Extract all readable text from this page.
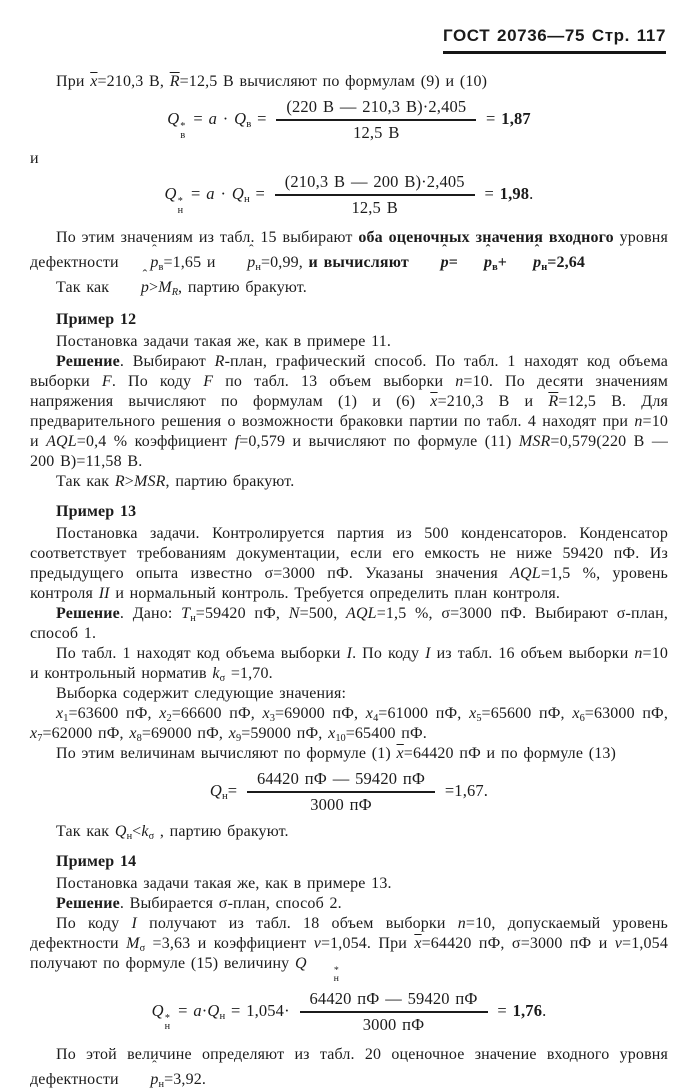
ГОСТ 20736—75 Стр. 117

При $\overline{x}=210,3$ В, $\overline{R}=12,5$ В вычисляют по формулам (9) и (10)

Q *
в
= $a \cdot Q_в$ =
(220 В — 210,3 В)·2,405
12,5 В
= 1,87

и

Q *
н
= $a \cdot Q_н$ =
(210,3 В — 200 В)·2,405
12,5 В
= 1,98.

По этим значениям из табл. 15 выбирают оба оценочных значения входного уровня дефектности p ˆ$_в$=1,65 и p ˆ$_н$=0,99, и вычисляют p ˆ= p ˆ$_в$+ p ˆ$_н$=2,64

Так как p $ˆ>M_R$, партию бракуют.

Пример 12

Постановка задачи такая же, как в примере 11.

Решение. Выбирают R-план, графический способ. По табл. 1 находят код объема выборки F. По коду F по табл. 13 объем выборки n=10. По десяти значениям напряжения вычисляют по формулам (1) и (6) $\overline{x}=210,3$ В и $\overline{R}=12,5$ В. Для предварительного решения о возможности браковки партии по табл. 4 находят при n=10 и AQL=0,4 % коэффициент f=0,579 и вычисляют по формуле (11) MSR=0,579(220 В — 200 В)=11,58 В.

Так как R>MSR, партию бракуют.

Пример 13

Постановка задачи. Контролируется партия из 500 конденсаторов. Конденсатор соответствует требованиям документации, если его емкость не ниже 59420 пФ. Из предыдущего опыта известно σ=3000 пФ. Указаны значения AQL=1,5 %, уровень контроля II и нормальный контроль. Требуется определить план контроля.

Решение. Дано: $T_н=59420$ пФ, N=500, AQL=1,5 %, σ=3000 пФ. Выбирают σ-план, способ 1.

По табл. 1 находят код объема выборки I. По коду I из табл. 16 объем выборки n=10 и контрольный норматив $k_\sigma =1,70$.

Выборка содержит следующие значения:

$x_1=63600$ пФ, $x_2=66600$ пФ, $x_3=69000$ пФ, $x_4=61000$ пФ, $x_5=65600$ пФ, $x_6=63000$ пФ, $x_7=62000$ пФ, $x_8=69000$ пФ, $x_9=59000$ пФ, $x_{10}=65400$ пФ.

По этим величинам вычисляют по формуле (1) $\overline{x}=64420$ пФ и по формуле (13)

$Q_н=$
64420 пФ — 59420 пФ
3000 пФ
=1,67.

Так как $Q_н<k_\sigma$ , партию бракуют.

Пример 14

Постановка задачи такая же, как в примере 13.

Решение. Выбирается σ-план, способ 2.

По коду I получают из табл. 18 объем выборки n=10, допускаемый уровень дефектности $M_\sigma =3,63$ и коэффициент v=1,054. При $\overline{x}=64420$ пФ, σ=3000 пФ и v=1,054 получают по формуле (15) величину Q	*
н

Q *
н
= $a\cdot Q_н = 1,054\cdot$
64420 пФ — 59420 пФ
3000 пФ
= 1,76.

По этой величине определяют из табл. 20 оценочное значение входного уровня дефектности p ˆ$_н$=3,92.
